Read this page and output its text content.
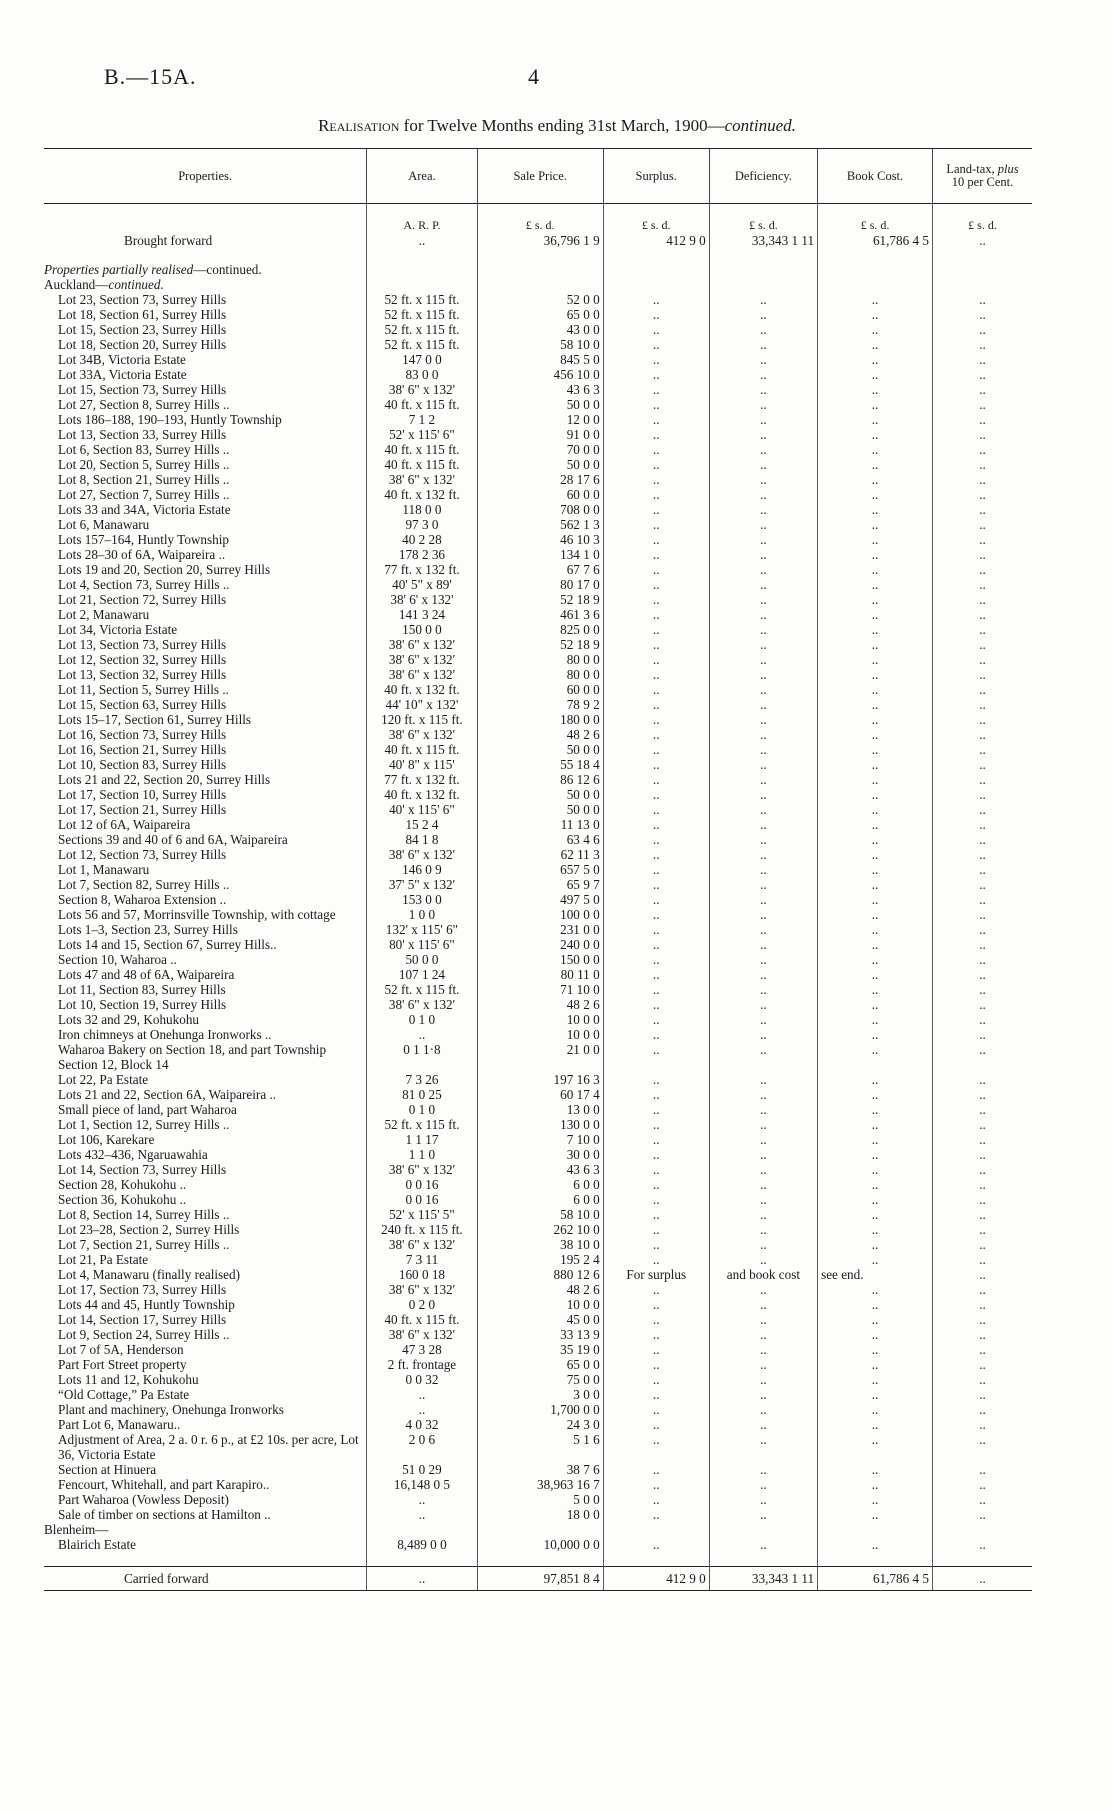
B.—15A.	4
Realisation for Twelve Months ending 31st March, 1900—continued.
Properties.	Area.	Sale Price.	Surplus.	Deficiency.	Book Cost.	Land-tax, plus
10 per Cent.
	A. R. P.	£ s. d.	£ s. d.	£ s. d.	£ s. d.	£ s. d.
Brought forward	..	36,796 1 9	412 9 0	33,343 1 11	61,786 4 5	..

Properties partially realised—continued.						
Auckland—continued.						
Lot 23, Section 73, Surrey Hills	52 ft. x 115 ft.	52 0 0	..	..	..	..
Lot 18, Section 61, Surrey Hills	52 ft. x 115 ft.	65 0 0	..	..	..	..
Lot 15, Section 23, Surrey Hills	52 ft. x 115 ft.	43 0 0	..	..	..	..
Lot 18, Section 20, Surrey Hills	52 ft. x 115 ft.	58 10 0	..	..	..	..
Lot 34B, Victoria Estate	147 0 0	845 5 0	..	..	..	..
Lot 33A, Victoria Estate	83 0 0	456 10 0	..	..	..	..
Lot 15, Section 73, Surrey Hills	38' 6" x 132'	43 6 3	..	..	..	..
Lot 27, Section 8, Surrey Hills ..	40 ft. x 115 ft.	50 0 0	..	..	..	..
Lots 186–188, 190–193, Huntly Township	7 1 2	12 0 0	..	..	..	..
Lot 13, Section 33, Surrey Hills	52' x 115' 6"	91 0 0	..	..	..	..
Lot 6, Section 83, Surrey Hills ..	40 ft. x 115 ft.	70 0 0	..	..	..	..
Lot 20, Section 5, Surrey Hills ..	40 ft. x 115 ft.	50 0 0	..	..	..	..
Lot 8, Section 21, Surrey Hills ..	38' 6" x 132'	28 17 6	..	..	..	..
Lot 27, Section 7, Surrey Hills ..	40 ft. x 132 ft.	60 0 0	..	..	..	..
Lots 33 and 34A, Victoria Estate	118 0 0	708 0 0	..	..	..	..
Lot 6, Manawaru	97 3 0	562 1 3	..	..	..	..
Lots 157–164, Huntly Township	40 2 28	46 10 3	..	..	..	..
Lots 28–30 of 6A, Waipareira ..	178 2 36	134 1 0	..	..	..	..
Lots 19 and 20, Section 20, Surrey Hills	77 ft. x 132 ft.	67 7 6	..	..	..	..
Lot 4, Section 73, Surrey Hills ..	40' 5" x 89'	80 17 0	..	..	..	..
Lot 21, Section 72, Surrey Hills	38' 6' x 132'	52 18 9	..	..	..	..
Lot 2, Manawaru	141 3 24	461 3 6	..	..	..	..
Lot 34, Victoria Estate	150 0 0	825 0 0	..	..	..	..
Lot 13, Section 73, Surrey Hills	38' 6" x 132'	52 18 9	..	..	..	..
Lot 12, Section 32, Surrey Hills	38' 6" x 132'	80 0 0	..	..	..	..
Lot 13, Section 32, Surrey Hills	38' 6" x 132'	80 0 0	..	..	..	..
Lot 11, Section 5, Surrey Hills ..	40 ft. x 132 ft.	60 0 0	..	..	..	..
Lot 15, Section 63, Surrey Hills	44' 10" x 132'	78 9 2	..	..	..	..
Lots 15–17, Section 61, Surrey Hills	120 ft. x 115 ft.	180 0 0	..	..	..	..
Lot 16, Section 73, Surrey Hills	38' 6" x 132'	48 2 6	..	..	..	..
Lot 16, Section 21, Surrey Hills	40 ft. x 115 ft.	50 0 0	..	..	..	..
Lot 10, Section 83, Surrey Hills	40' 8" x 115'	55 18 4	..	..	..	..
Lots 21 and 22, Section 20, Surrey Hills	77 ft. x 132 ft.	86 12 6	..	..	..	..
Lot 17, Section 10, Surrey Hills	40 ft. x 132 ft.	50 0 0	..	..	..	..
Lot 17, Section 21, Surrey Hills	40' x 115' 6"	50 0 0	..	..	..	..
Lot 12 of 6A, Waipareira	15 2 4	11 13 0	..	..	..	..
Sections 39 and 40 of 6 and 6A, Waipareira	84 1 8	63 4 6	..	..	..	..
Lot 12, Section 73, Surrey Hills	38' 6" x 132'	62 11 3	..	..	..	..
Lot 1, Manawaru	146 0 9	657 5 0	..	..	..	..
Lot 7, Section 82, Surrey Hills ..	37' 5" x 132'	65 9 7	..	..	..	..
Section 8, Waharoa Extension ..	153 0 0	497 5 0	..	..	..	..
Lots 56 and 57, Morrinsville Township, with cottage	1 0 0	100 0 0	..	..	..	..
Lots 1–3, Section 23, Surrey Hills	132' x 115' 6"	231 0 0	..	..	..	..
Lots 14 and 15, Section 67, Surrey Hills..	80' x 115' 6"	240 0 0	..	..	..	..
Section 10, Waharoa ..	50 0 0	150 0 0	..	..	..	..
Lots 47 and 48 of 6A, Waipareira	107 1 24	80 11 0	..	..	..	..
Lot 11, Section 83, Surrey Hills	52 ft. x 115 ft.	71 10 0	..	..	..	..
Lot 10, Section 19, Surrey Hills	38' 6" x 132'	48 2 6	..	..	..	..
Lots 32 and 29, Kohukohu	0 1 0	10 0 0	..	..	..	..
Iron chimneys at Onehunga Ironworks ..	..	10 0 0	..	..	..	..
Waharoa Bakery on Section 18, and part Township Section 12, Block 14	0 1 1·8	21 0 0	..	..	..	..
Lot 22, Pa Estate	7 3 26	197 16 3	..	..	..	..
Lots 21 and 22, Section 6A, Waipareira ..	81 0 25	60 17 4	..	..	..	..
Small piece of land, part Waharoa	0 1 0	13 0 0	..	..	..	..
Lot 1, Section 12, Surrey Hills ..	52 ft. x 115 ft.	130 0 0	..	..	..	..
Lot 106, Karekare	1 1 17	7 10 0	..	..	..	..
Lots 432–436, Ngaruawahia	1 1 0	30 0 0	..	..	..	..
Lot 14, Section 73, Surrey Hills	38' 6" x 132'	43 6 3	..	..	..	..
Section 28, Kohukohu ..	0 0 16	6 0 0	..	..	..	..
Section 36, Kohukohu ..	0 0 16	6 0 0	..	..	..	..
Lot 8, Section 14, Surrey Hills ..	52' x 115' 5"	58 10 0	..	..	..	..
Lot 23–28, Section 2, Surrey Hills	240 ft. x 115 ft.	262 10 0	..	..	..	..
Lot 7, Section 21, Surrey Hills ..	38' 6" x 132'	38 10 0	..	..	..	..
Lot 21, Pa Estate	7 3 11	195 2 4	..	..	..	..
Lot 4, Manawaru (finally realised)	160 0 18	880 12 6	For surplus	and book cost	see end.	..
Lot 17, Section 73, Surrey Hills	38' 6" x 132'	48 2 6	..	..	..	..
Lots 44 and 45, Huntly Township	0 2 0	10 0 0	..	..	..	..
Lot 14, Section 17, Surrey Hills	40 ft. x 115 ft.	45 0 0	..	..	..	..
Lot 9, Section 24, Surrey Hills ..	38' 6" x 132'	33 13 9	..	..	..	..
Lot 7 of 5A, Henderson	47 3 28	35 19 0	..	..	..	..
Part Fort Street property	2 ft. frontage	65 0 0	..	..	..	..
Lots 11 and 12, Kohukohu	0 0 32	75 0 0	..	..	..	..
“Old Cottage,” Pa Estate	..	3 0 0	..	..	..	..
Plant and machinery, Onehunga Ironworks	..	1,700 0 0	..	..	..	..
Part Lot 6, Manawaru..	4 0 32	24 3 0	..	..	..	..
Adjustment of Area, 2 a. 0 r. 6 p., at £2 10s. per acre, Lot 36, Victoria Estate	2 0 6	5 1 6	..	..	..	..
Section at Hinuera	51 0 29	38 7 6	..	..	..	..
Fencourt, Whitehall, and part Karapiro..	16,148 0 5	38,963 16 7	..	..	..	..
Part Waharoa (Vowless Deposit)	..	5 0 0	..	..	..	..
Sale of timber on sections at Hamilton ..	..	18 0 0	..	..	..	..
Blenheim—						
Blairich Estate	8,489 0 0	10,000 0 0	..	..	..	..

Carried forward	..	97,851 8 4	412 9 0	33,343 1 11	61,786 4 5	..
